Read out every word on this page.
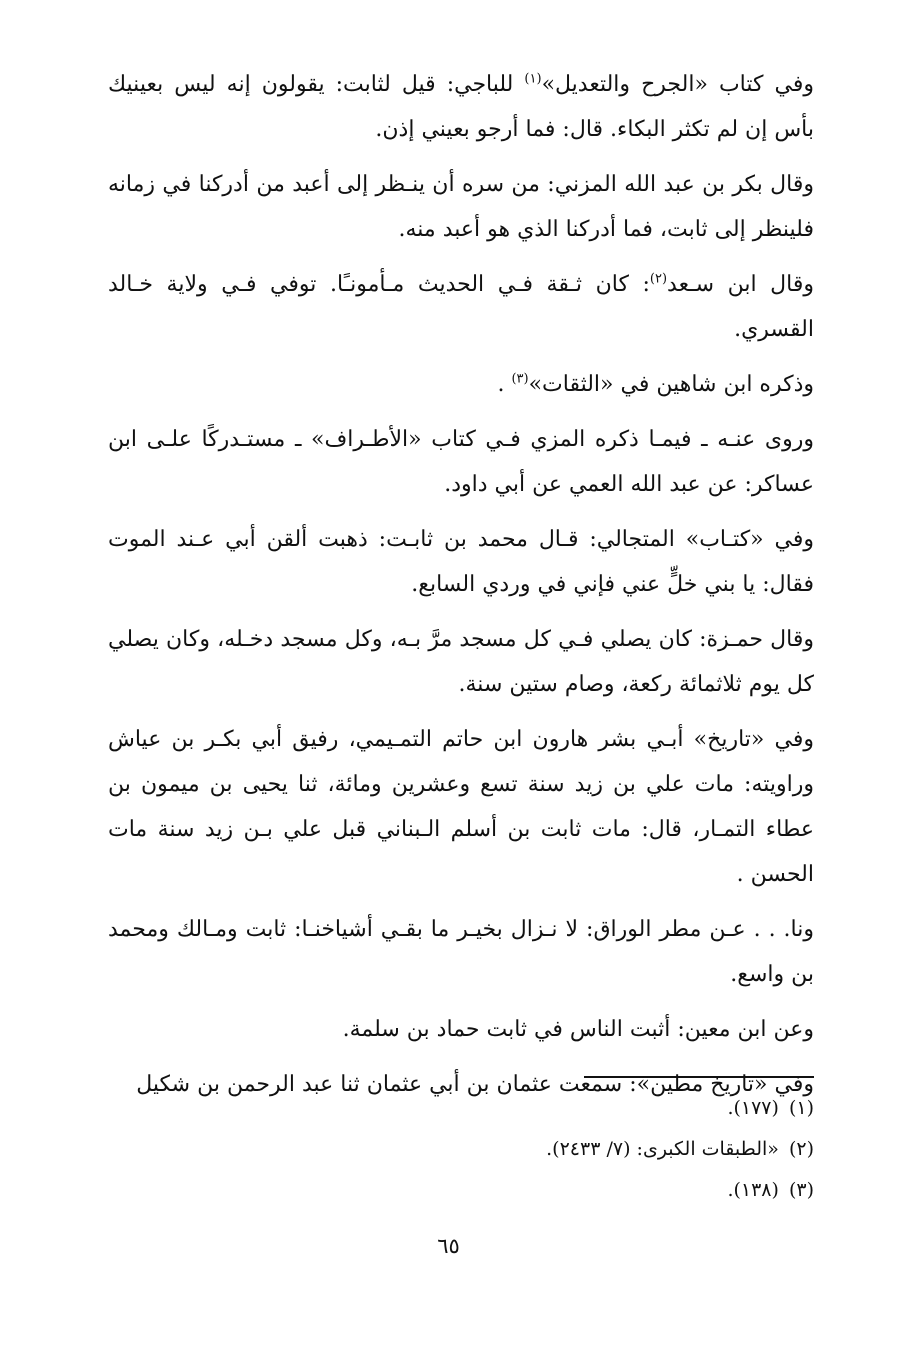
وفي كتاب «الجرح والتعديل»$^{(١)}$ للباجي: قيل لثابت: يقولون إنه ليس بعينيك بأس إن لم تكثر البكاء. قال: فما أرجو بعيني إذن.

وقال بكر بن عبد الله المزني: من سره أن ينـظر إلى أعبد من أدركنا في زمانه فلينظر إلى ثابت، فما أدركنا الذي هو أعبد منه.

وقال ابن سـعد$^{(٢)}$: كان ثـقة فـي الحديث مـأمونـًا. توفي فـي ولاية خـالد القسري.

وذكره ابن شاهين في «الثقات»$^{(٣)}$ .

وروى عنـه ـ فيمـا ذكره المزي فـي كتاب «الأطـراف» ـ مستـدركًا علـى ابن عساكر: عن عبد الله العمي عن أبي داود.

وفي «كتـاب» المتجالي: قـال محمد بن ثابـت: ذهبت ألقن أبي عـند الموت فقال: يا بني خلٍّ عني فإني في وردي السابع.

وقال حمـزة: كان يصلي فـي كل مسجد مرَّ بـه، وكل مسجد دخـله، وكان يصلي كل يوم ثلاثمائة ركعة، وصام ستين سنة.

وفي «تاريخ» أبـي بشر هارون ابن حاتم التمـيمي، رفيق أبي بكـر بن عياش وراويته: مات علي بن زيد سنة تسع وعشرين ومائة، ثنا يحيى بن ميمون بن عطاء التمـار، قال: مات ثابت بن أسلم الـبناني قبل علي بـن زيد سنة مات الحسن .

ونا. . . عـن مطر الوراق: لا نـزال بخيـر ما بقـي أشياخنـا: ثابت ومـالك ومحمد بن واسع.

وعن ابن معين: أثبت الناس في ثابت حماد بن سلمة.

وفي «تاريخ مطين»: سمعت عثمان بن أبي عثمان ثنا عبد الرحمن بن شكيل

(١)(١٧٧).

(٢)«الطبقات الكبرى: (٧/ ٢٤٣٣).

(٣)(١٣٨).

٦٥
